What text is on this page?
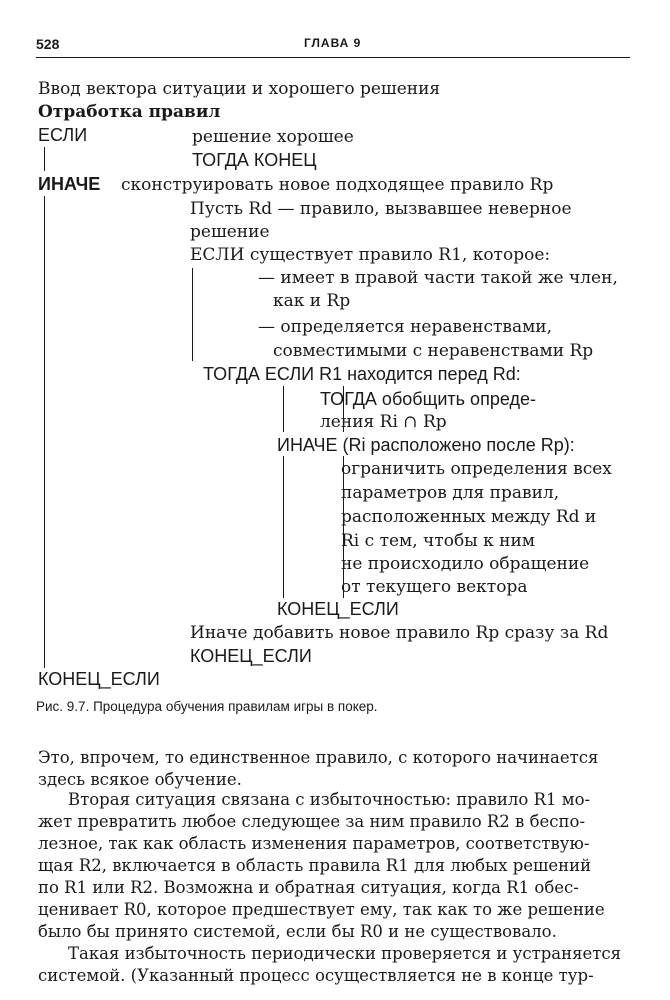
528	ГЛАВА 9
Ввод вектора ситуации и хорошего решения
Отработка правил
ЕСЛИ	решение хорошее
ТОГДА КОНЕЦ
ИНАЧЕ сконструировать новое подходящее правило Rp
Пусть Rd — правило, вызвавшее неверное
решение
ЕСЛИ существует правило R1, которое:
— имеет в правой части такой же член,
как и Rp
— определяется неравенствами,
совместимыми с неравенствами Rp
ТОГДА ЕСЛИ R1 находится перед Rd:
ТОГДА обобщить опреде-
ления Ri ∩ Rp
ИНАЧЕ (Ri расположено после Rp):
ограничить определения всех
параметров для правил,
расположенных между Rd и
Ri с тем, чтобы к ним
не происходило обращение
от текущего вектора
КОНЕЦ_ЕСЛИ
Иначе добавить новое правило Rp сразу за Rd
КОНЕЦ_ЕСЛИ
КОНЕЦ_ЕСЛИ
Рис. 9.7. Процедура обучения правилам игры в покер.
Это, впрочем, то единственное правило, с которого начинается
здесь всякое обучение.
Вторая ситуация связана с избыточностью: правило R1 мо-
жет превратить любое следующее за ним правило R2 в беспо-
лезное, так как область изменения параметров, соответствую-
щая R2, включается в область правила R1 для любых решений
по R1 или R2. Возможна и обратная ситуация, когда R1 обес-
ценивает R0, которое предшествует ему, так как то же решение
было бы принято системой, если бы R0 и не существовало.
Такая избыточность периодически проверяется и устраняется
системой. (Указанный процесс осуществляется не в конце тур-
